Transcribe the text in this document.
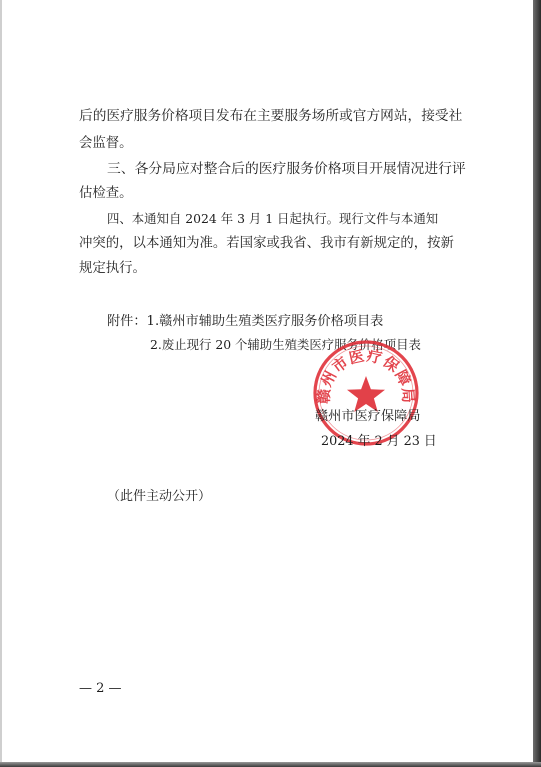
后的医疗服务价格项目发布在主要服务场所或官方网站，接受社
会监督。
三、各分局应对整合后的医疗服务价格项目开展情况进行评
估检查。
四、本通知自 2024 年 3 月 1 日起执行。现行文件与本通知
冲突的，以本通知为准。若国家或我省、我市有新规定的，按新
规定执行。
附件：1.赣州市辅助生殖类医疗服务价格项目表
2.废止现行 20 个辅助生殖类医疗服务价格项目表
赣州市医疗保障局
赣州市医疗保障局
2024 年 2 月 23 日
（此件主动公开）
— 2 —
